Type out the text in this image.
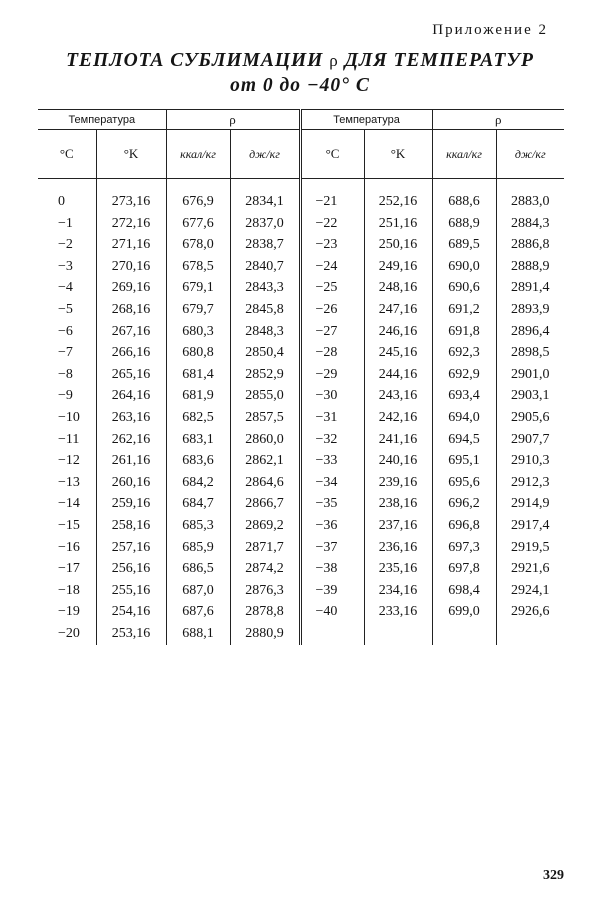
Приложение 2
ТЕПЛОТА СУБЛИМАЦИИ ρ ДЛЯ ТЕМПЕРАТУР
от 0 до −40° С
Температура		ρ		Температура		ρ	
°C	°K	ккал/кг	дж/кг	°C	°K	ккал/кг	дж/кг
0	273,16	676,9	2834,1	−21	252,16	688,6	2883,0
−1	272,16	677,6	2837,0	−22	251,16	688,9	2884,3
−2	271,16	678,0	2838,7	−23	250,16	689,5	2886,8
−3	270,16	678,5	2840,7	−24	249,16	690,0	2888,9
−4	269,16	679,1	2843,3	−25	248,16	690,6	2891,4
−5	268,16	679,7	2845,8	−26	247,16	691,2	2893,9
−6	267,16	680,3	2848,3	−27	246,16	691,8	2896,4
−7	266,16	680,8	2850,4	−28	245,16	692,3	2898,5
−8	265,16	681,4	2852,9	−29	244,16	692,9	2901,0
−9	264,16	681,9	2855,0	−30	243,16	693,4	2903,1
−10	263,16	682,5	2857,5	−31	242,16	694,0	2905,6
−11	262,16	683,1	2860,0	−32	241,16	694,5	2907,7
−12	261,16	683,6	2862,1	−33	240,16	695,1	2910,3
−13	260,16	684,2	2864,6	−34	239,16	695,6	2912,3
−14	259,16	684,7	2866,7	−35	238,16	696,2	2914,9
−15	258,16	685,3	2869,2	−36	237,16	696,8	2917,4
−16	257,16	685,9	2871,7	−37	236,16	697,3	2919,5
−17	256,16	686,5	2874,2	−38	235,16	697,8	2921,6
−18	255,16	687,0	2876,3	−39	234,16	698,4	2924,1
−19	254,16	687,6	2878,8	−40	233,16	699,0	2926,6
−20	253,16	688,1	2880,9				
329
